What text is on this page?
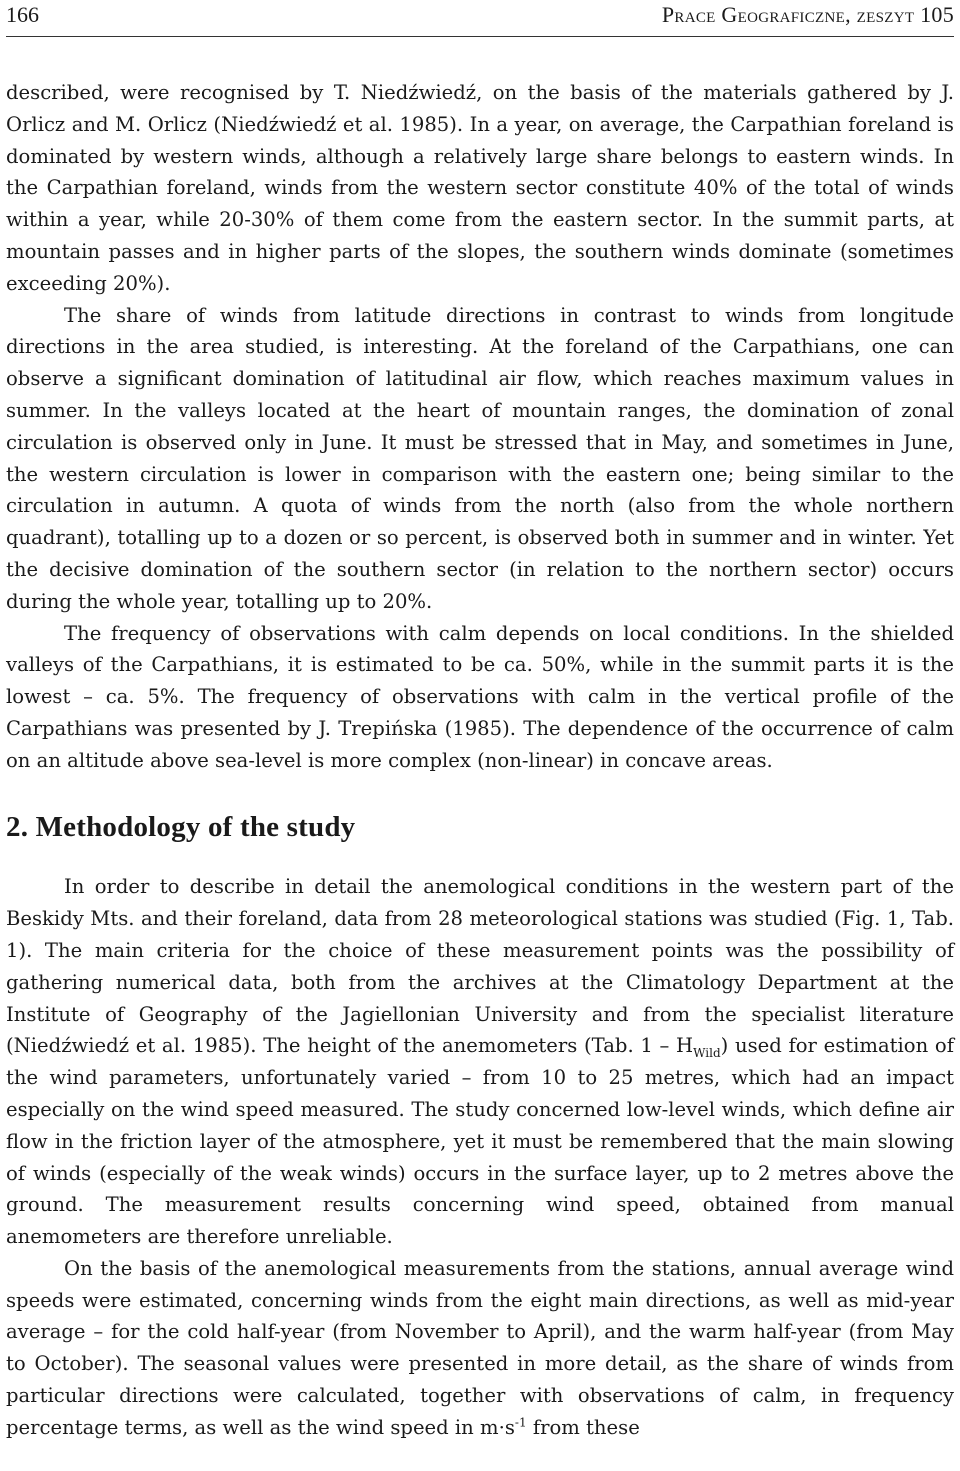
166	Prace Geograficzne, zeszyt 105

described, were recognised by T. Niedźwiedź, on the basis of the materials gathered by J. Orlicz and M. Orlicz (Niedźwiedź et al. 1985). In a year, on average, the Carpathian foreland is dominated by western winds, although a relatively large share belongs to eastern winds. In the Carpathian foreland, winds from the western sector constitute 40% of the total of winds within a year, while 20-30% of them come from the eastern sector. In the summit parts, at mountain passes and in higher parts of the slopes, the southern winds dominate (sometimes exceeding 20%).

The share of winds from latitude directions in contrast to winds from longitude directions in the area studied, is interesting. At the foreland of the Carpathians, one can observe a significant domination of latitudinal air flow, which reaches maximum values in summer. In the valleys located at the heart of mountain ranges, the domination of zonal circulation is observed only in June. It must be stressed that in May, and sometimes in June, the western circulation is lower in comparison with the eastern one; being similar to the circulation in autumn. A quota of winds from the north (also from the whole northern quadrant), totalling up to a dozen or so percent, is observed both in summer and in winter. Yet the decisive domination of the southern sector (in relation to the northern sector) occurs during the whole year, totalling up to 20%.

The frequency of observations with calm depends on local conditions. In the shielded valleys of the Carpathians, it is estimated to be ca. 50%, while in the summit parts it is the lowest – ca. 5%. The frequency of observations with calm in the vertical profile of the Carpathians was presented by J. Trepińska (1985). The dependence of the occurrence of calm on an altitude above sea-level is more complex (non-linear) in concave areas.

2. Methodology of the study

In order to describe in detail the anemological conditions in the western part of the Beskidy Mts. and their foreland, data from 28 meteorological stations was studied (Fig. 1, Tab. 1). The main criteria for the choice of these measurement points was the possibility of gathering numerical data, both from the archives at the Climatology Department at the Institute of Geography of the Jagiellonian University and from the specialist literature (Niedźwiedź et al. 1985). The height of the anemometers (Tab. $1 - H_{Wild}$) used for estimation of the wind parameters, unfortunately varied – from 10 to 25 metres, which had an impact especially on the wind speed measured. The study concerned low-level winds, which define air flow in the friction layer of the atmosphere, yet it must be remembered that the main slowing of winds (especially of the weak winds) occurs in the surface layer, up to 2 metres above the ground. The measurement results concerning wind speed, obtained from manual anemometers are therefore unreliable.

On the basis of the anemological measurements from the stations, annual average wind speeds were estimated, concerning winds from the eight main directions, as well as mid-year average – for the cold half-year (from November to April), and the warm half-year (from May to October). The seasonal values were presented in more detail, as the share of winds from particular directions were calculated, together with observations of calm, in frequency percentage terms, as well as the wind speed in $m\cdot s^{-1}$ from these
